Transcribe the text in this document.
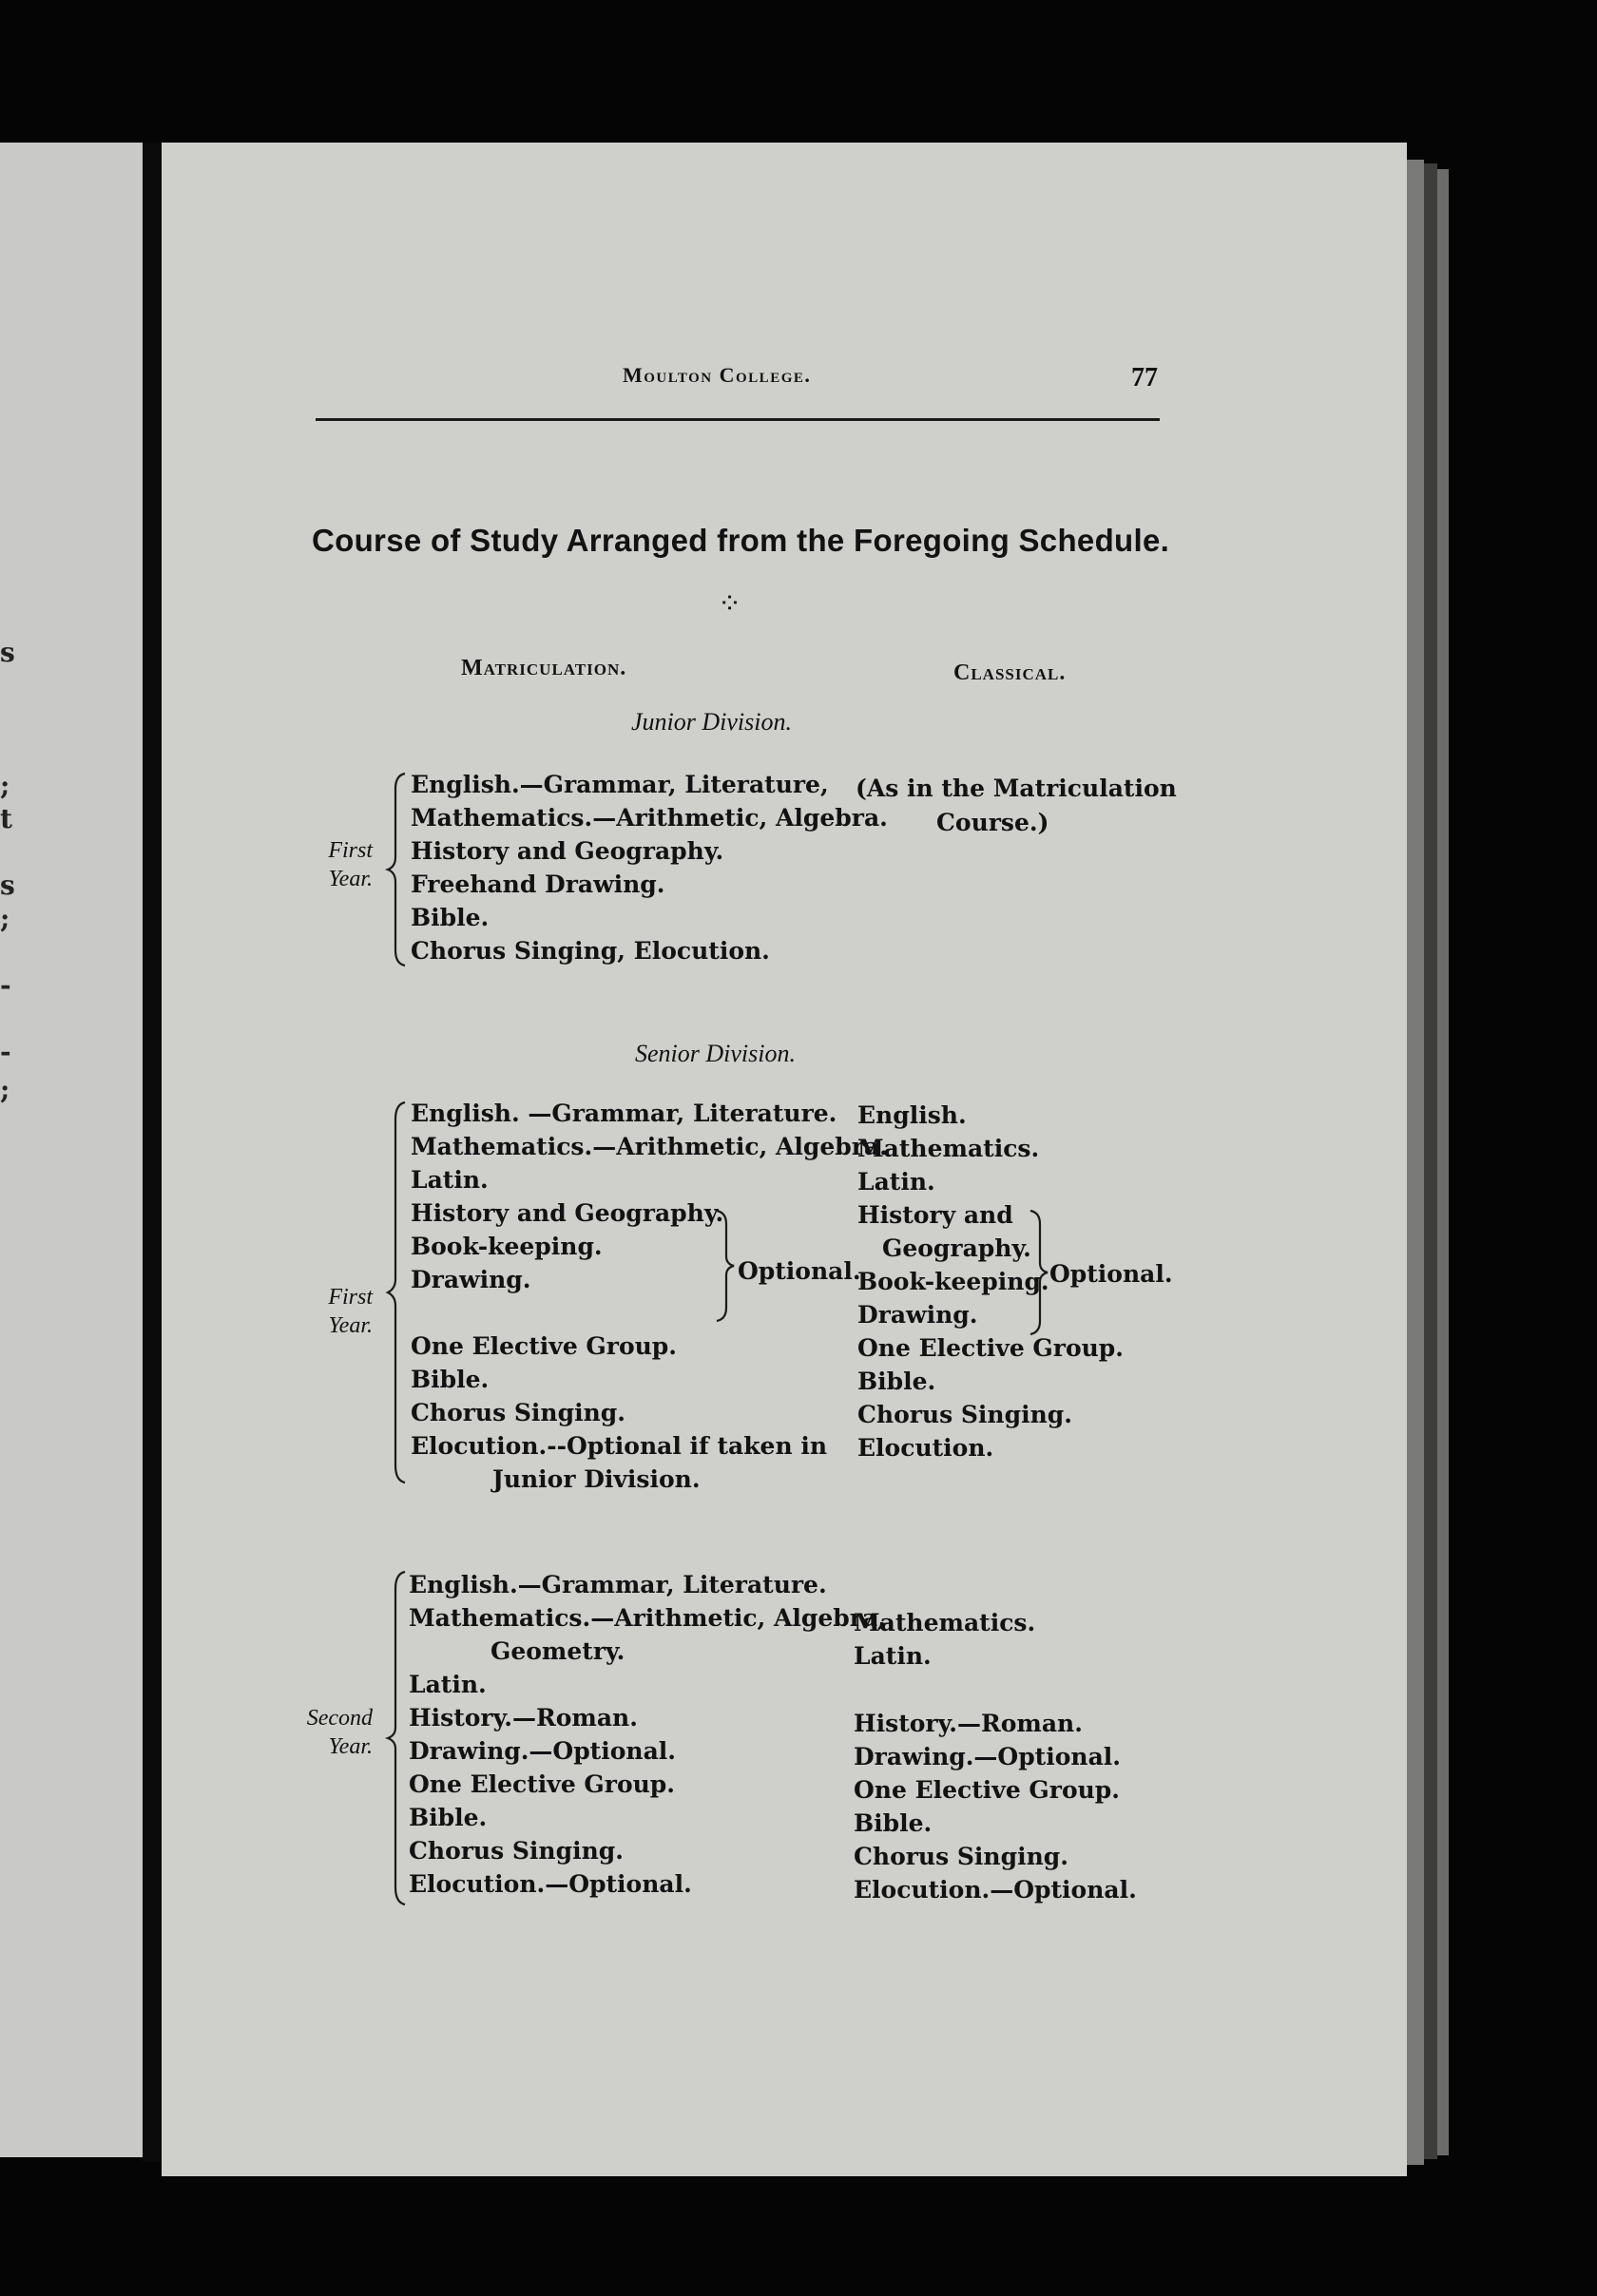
s
;
t
s
;
-
-
;
Moulton College.	77
Course of Study Arranged from the Foregoing Schedule.
⁘
Matriculation.	Classical.
Junior Division.
First
Year.
English.—Grammar, Literature,
Mathematics.—Arithmetic, Algebra.
History and Geography.
Freehand Drawing.
Bible.
Chorus Singing, Elocution.
(As in the Matriculation
Course.)
Senior Division.
First
Year.
English. —Grammar, Literature.
Mathematics.—Arithmetic, Algebra.
Latin.
History and Geography.
Book-keeping.
Drawing.
One Elective Group.
Bible.
Chorus Singing.
Elocution.--Optional if taken in
Junior Division.
Optional.
English.
Mathematics.
Latin.
History and
Geography.
Book-keeping.
Drawing.
One Elective Group.
Bible.
Chorus Singing.
Elocution.
Optional.
Second
Year.
English.—Grammar, Literature.
Mathematics.—Arithmetic, Algebra,
Geometry.
Latin.
History.—Roman.
Drawing.—Optional.
One Elective Group.
Bible.
Chorus Singing.
Elocution.—Optional.
Mathematics.
Latin.
History.—Roman.
Drawing.—Optional.
One Elective Group.
Bible.
Chorus Singing.
Elocution.—Optional.
